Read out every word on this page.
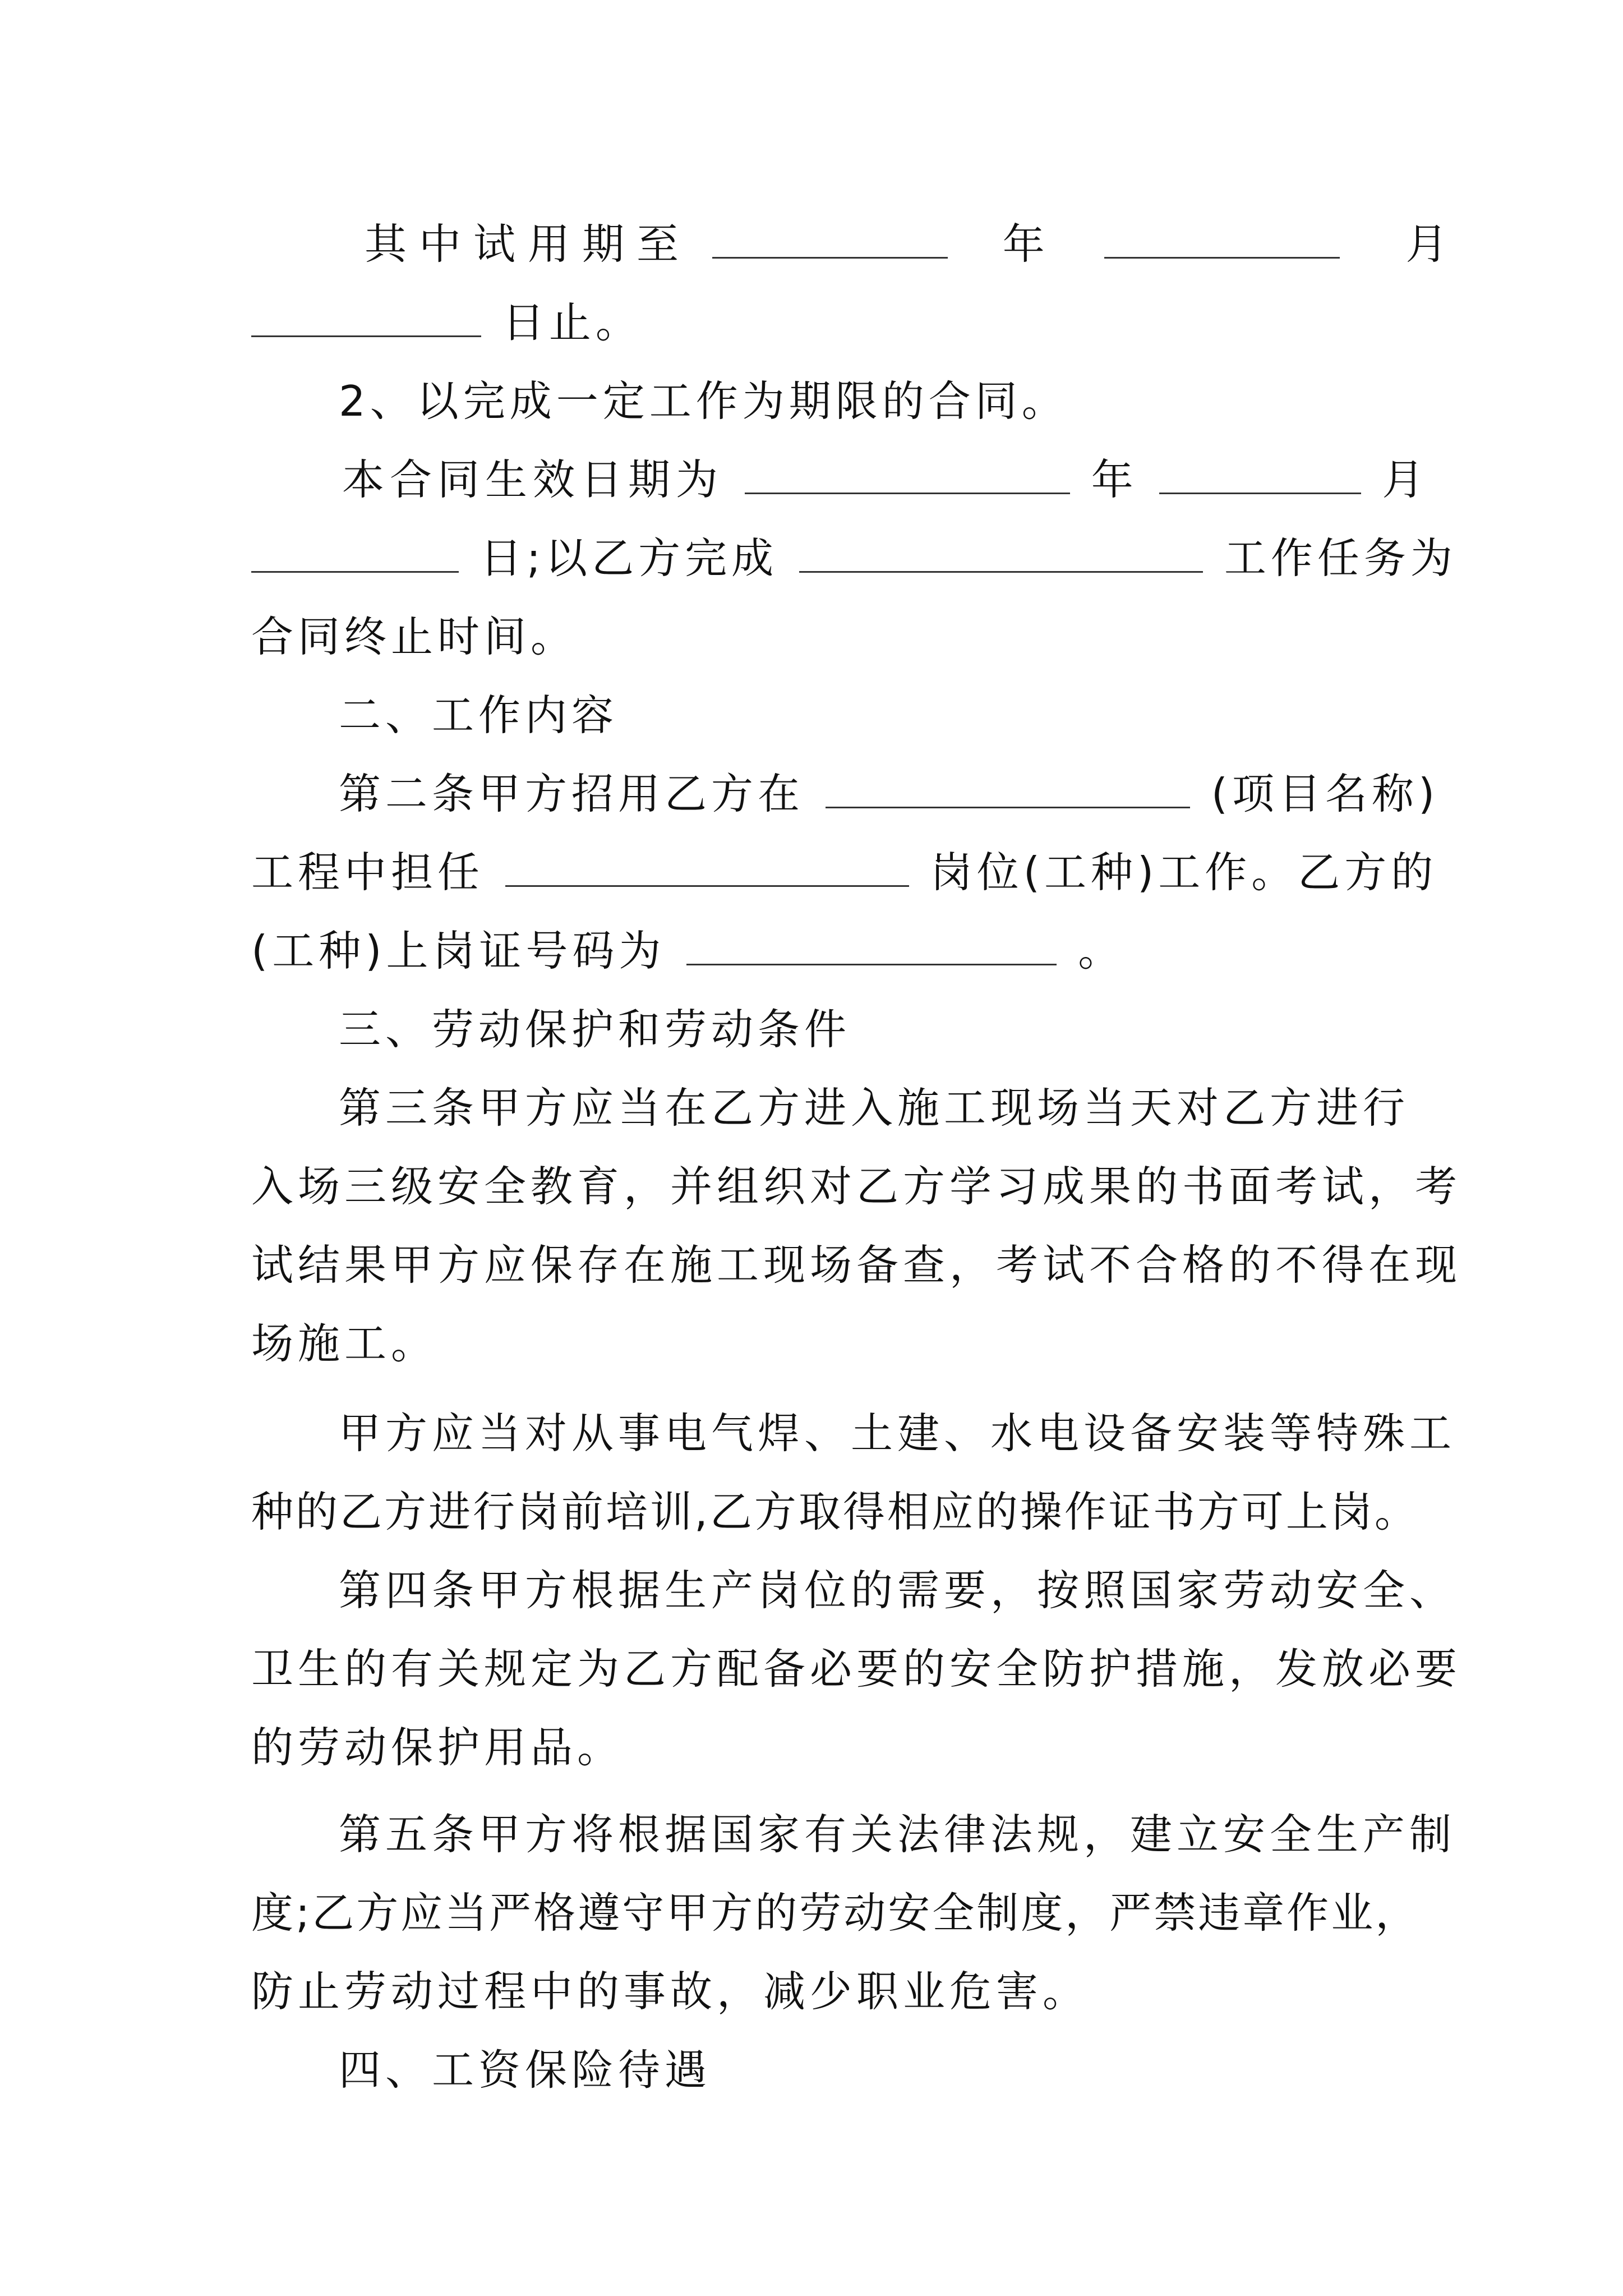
其中试用期至	年	月
日止。
2、以完成一定工作为期限的合同。
本合同生效日期为	年	月
日;以乙方完成	工作任务为
合同终止时间。
二、工作内容
第二条甲方招用乙方在	(项目名称)
工程中担任	岗位(工种)工作。乙方的
(工种)上岗证号码为	。
三、劳动保护和劳动条件
第三条甲方应当在乙方进入施工现场当天对乙方进行
入场三级安全教育，并组织对乙方学习成果的书面考试，考
试结果甲方应保存在施工现场备查，考试不合格的不得在现
场施工。
甲方应当对从事电气焊、土建、水电设备安装等特殊工
种的乙方进行岗前培训,乙方取得相应的操作证书方可上岗。
第四条甲方根据生产岗位的需要，按照国家劳动安全、
卫生的有关规定为乙方配备必要的安全防护措施，发放必要
的劳动保护用品。
第五条甲方将根据国家有关法律法规，建立安全生产制
度;乙方应当严格遵守甲方的劳动安全制度，严禁违章作业，
防止劳动过程中的事故，减少职业危害。
四、工资保险待遇
